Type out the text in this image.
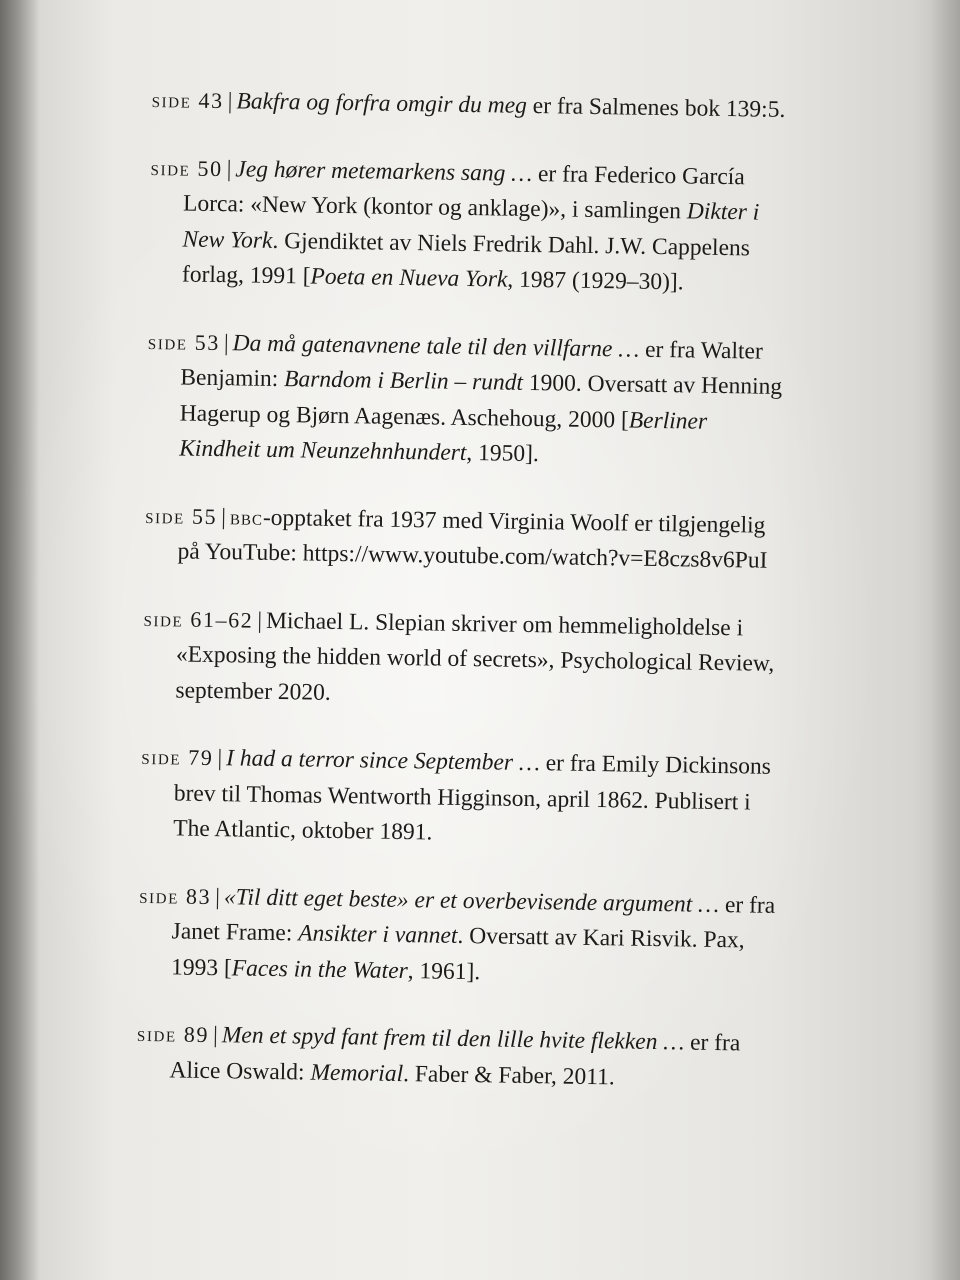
side 43 | Bakfra og forfra omgir du meg er fra Salmenes bok 139:5.

side 50 | Jeg hører metemarkens sang … er fra Federico García Lorca: «New York (kontor og anklage)», i samlingen Dikter i New York. Gjendiktet av Niels Fredrik Dahl. J.W. Cappelens forlag, 1991 [Poeta en Nueva York, 1987 (1929–30)].

side 53 | Da må gatenavnene tale til den villfarne … er fra Walter Benjamin: Barndom i Berlin – rundt 1900. Oversatt av Henning Hagerup og Bjørn Aagenæs. Aschehoug, 2000 [Berliner Kindheit um Neunzehnhundert, 1950].

side 55 | bbc-opptaket fra 1937 med Virginia Woolf er tilgjengelig på YouTube: https://www.youtube.com/watch?v=E8czs8v6PuI

side 61–62 | Michael L. Slepian skriver om hemmeligholdelse i «Exposing the hidden world of secrets», Psychological Review, september 2020.

side 79 | I had a terror since September … er fra Emily Dickinsons brev til Thomas Wentworth Higginson, april 1862. Publisert i The Atlantic, oktober 1891.

side 83 | «Til ditt eget beste» er et overbevisende argument … er fra Janet Frame: Ansikter i vannet. Oversatt av Kari Risvik. Pax, 1993 [Faces in the Water, 1961].

side 89 | Men et spyd fant frem til den lille hvite flekken … er fra Alice Oswald: Memorial. Faber & Faber, 2011.
